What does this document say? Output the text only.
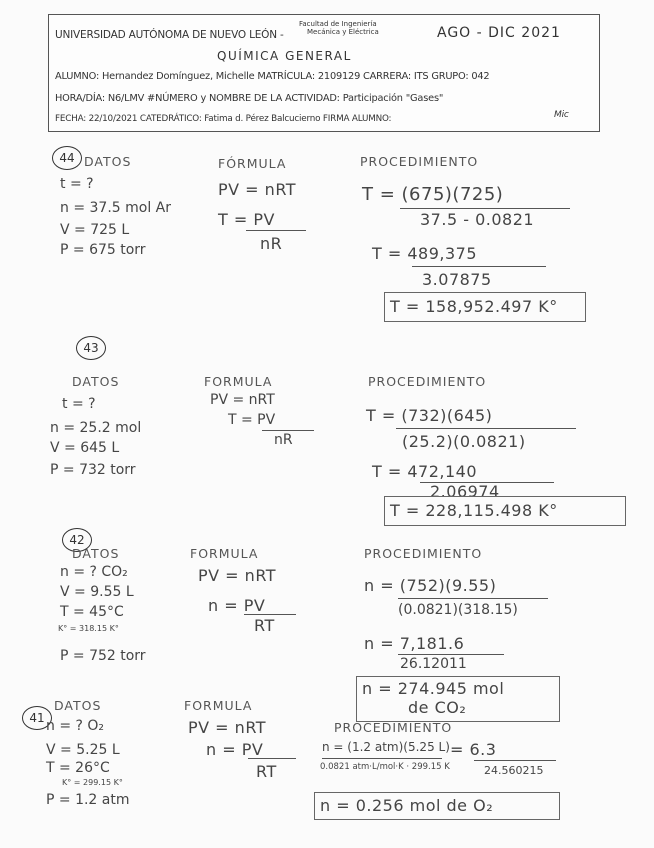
UNIVERSIDAD AUTÓNOMA DE NUEVO LEÓN -
Facultad de Ingeniería
Mecánica y Eléctrica	AGO - DIC 2021
QUÍMICA GENERAL
ALUMNO: Hernandez Domínguez, Michelle MATRÍCULA: 2109129 CARRERA: ITS GRUPO: 042
HORA/DÍA: N6/LMV #NÚMERO y NOMBRE DE LA ACTIVIDAD: Participación "Gases"
FECHA: 22/10/2021 CATEDRÁTICO: Fatima d. Pérez Balcucierno FIRMA ALUMNO:	Mic
44 DATOS
t = ?
n = 37.5 mol Ar
V = 725 L
P = 675 torr
FÓRMULA
PV = nRT
T = PV
nR
PROCEDIMIENTO
T = (675)(725)
37.5 - 0.0821
T = 489,375
3.07875
T = 158,952.497 K°
43
DATOS
t = ?
n = 25.2 mol
V = 645 L
P = 732 torr
FORMULA
PV = nRT
T = PV
nR
PROCEDIMIENTO
T = (732)(645)
(25.2)(0.0821)
T = 472,140
2.06974
T = 228,115.498 K°
42
DATOS
n = ? CO₂
V = 9.55 L
T = 45°C
K° = 318.15 K°
P = 752 torr
FORMULA
PV = nRT
n = PV
RT
PROCEDIMIENTO
n = (752)(9.55)
(0.0821)(318.15)
n = 7,181.6
26.12011
n = 274.945 mol
de CO₂
41
DATOS
n = ? O₂
V = 5.25 L
T = 26°C
K° = 299.15 K°
P = 1.2 atm
FORMULA
PV = nRT
n = PV
RT
PROCEDIMIENTO
n = (1.2 atm)(5.25 L)
0.0821 atm·L/mol·K · 299.15 K
= 6.3
24.560215
n = 0.256 mol de O₂
